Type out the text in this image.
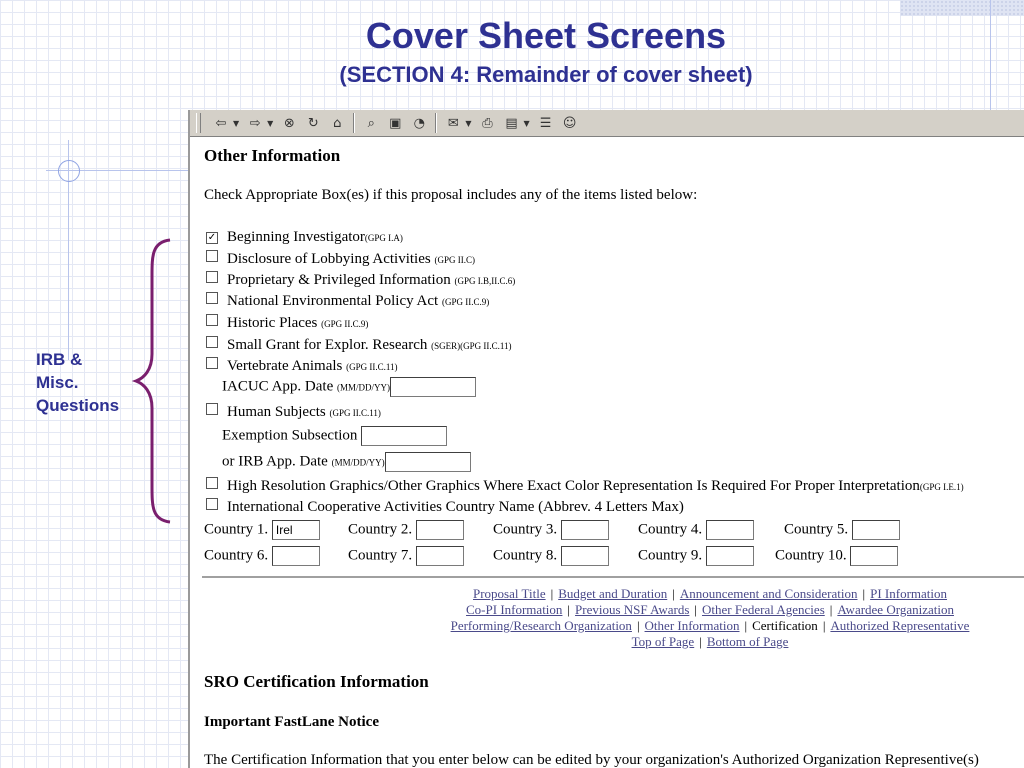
Cover Sheet Screens
(SECTION 4: Remainder of cover sheet)
IRB &
Misc.
Questions
⇦ ▼ ⇨ ▼ ⊗	↻	⌂	⌕	▣ ◔	✉ ▼ ⎙ ▤ ▼ ☰ ☺
Other Information
Check Appropriate Box(es) if this proposal includes any of the items listed below:
✓ Beginning Investigator(GPG I.A)
Disclosure of Lobbying Activities (GPG II.C)
Proprietary & Privileged Information (GPG I.B,II.C.6)
National Environmental Policy Act (GPG II.C.9)
Historic Places (GPG II.C.9)
Small Grant for Explor. Research (SGER)(GPG II.C.11)
Vertebrate Animals (GPG II.C.11)
IACUC App. Date (MM/DD/YY)
Human Subjects (GPG II.C.11)
Exemption Subsection
or IRB App. Date (MM/DD/YY)
High Resolution Graphics/Other Graphics Where Exact Color Representation Is Required For Proper Interpretation(GPG I.E.1)
International Cooperative Activities Country Name (Abbrev. 4 Letters Max)
Country 1. Irel	Country 2.	Country 3.	Country 4.	Country 5.
Country 6.	Country 7.	Country 8.	Country 9.	Country 10.
Proposal Title | Budget and Duration | Announcement and Consideration | PI Information
Co-PI Information | Previous NSF Awards | Other Federal Agencies | Awardee Organization
Performing/Research Organization | Other Information | Certification | Authorized Representative
Top of Page | Bottom of Page
SRO Certification Information
Important FastLane Notice
The Certification Information that you enter below can be edited by your organization's Authorized Organization Representive(s)
